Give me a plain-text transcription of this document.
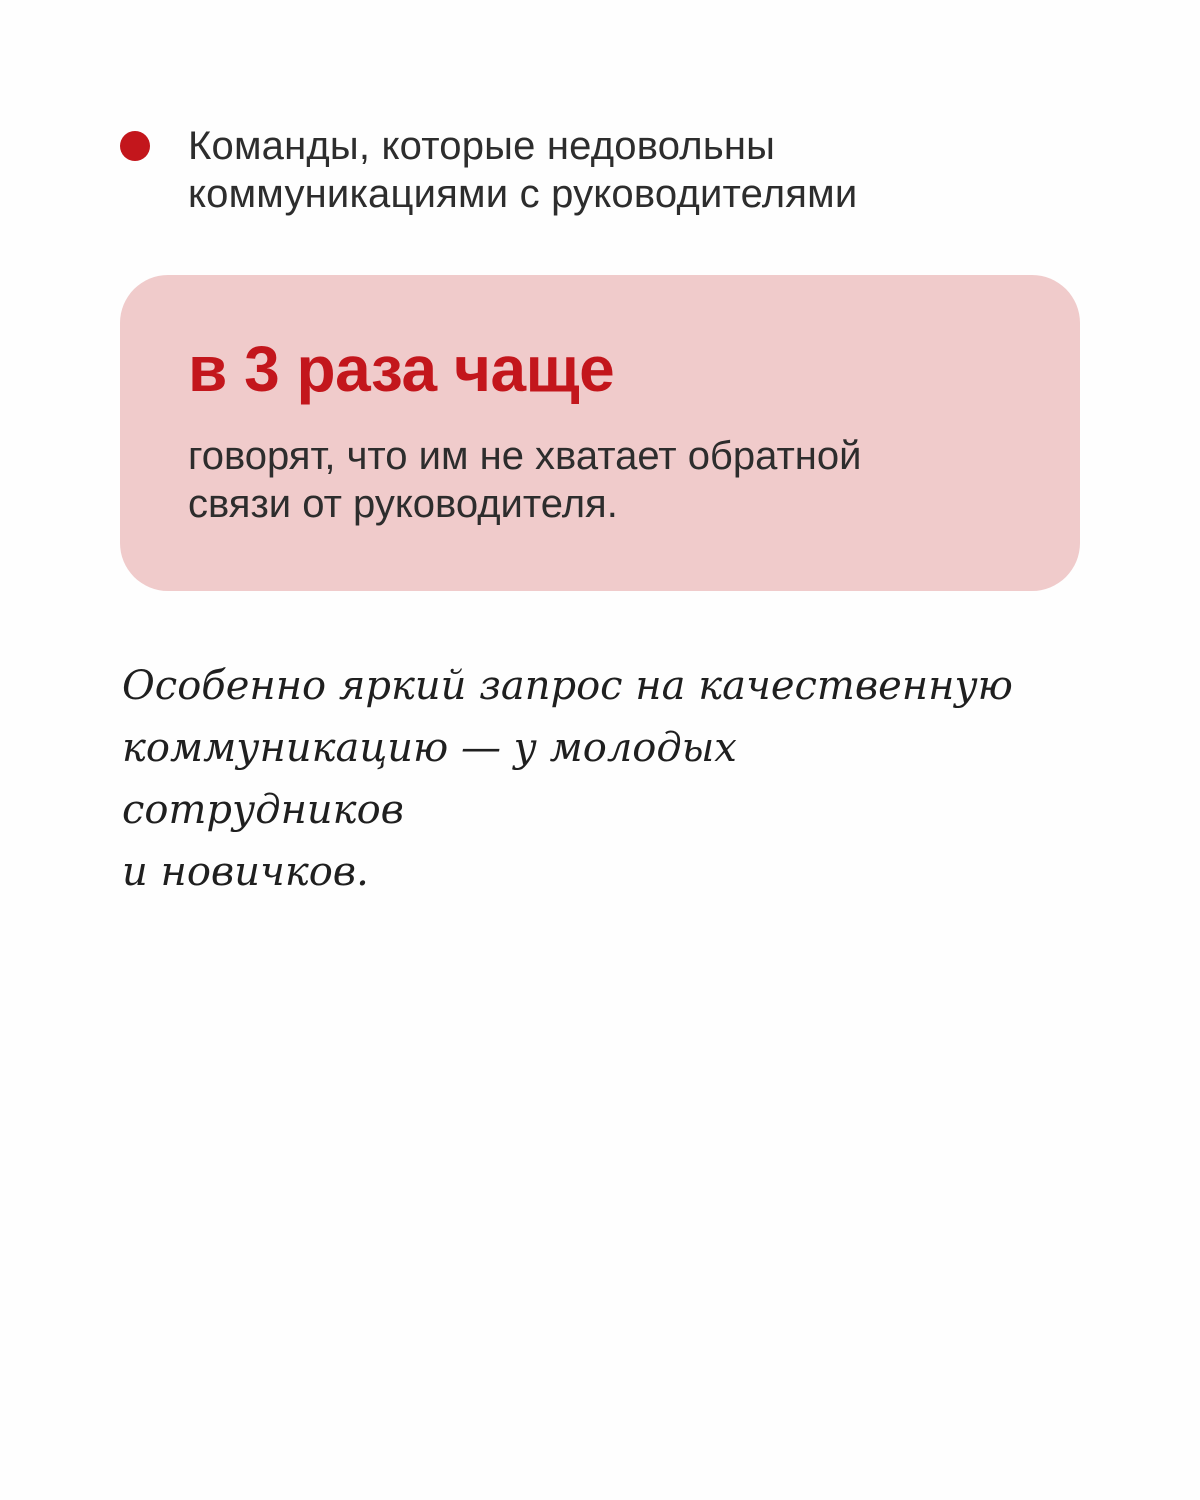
Команды, которые недовольны
коммуникациями с руководителями
в 3 раза чаще
говорят, что им не хватает обратной
связи от руководителя.
Особенно яркий запрос на качественную
коммуникацию — у молодых сотрудников
и новичков.
